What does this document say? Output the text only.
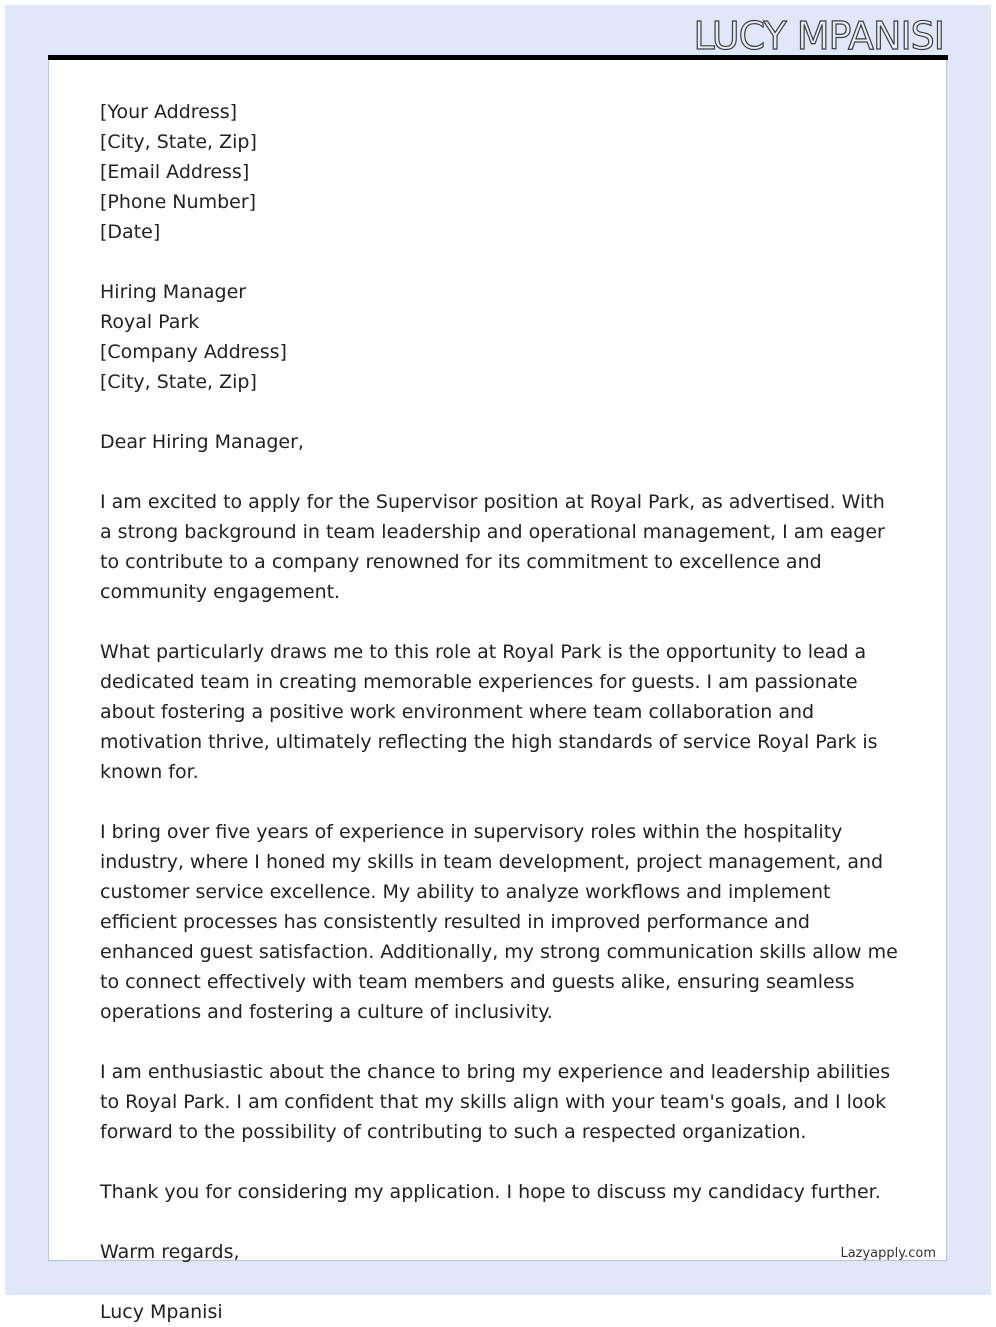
LUCY MPANISI
[Your Address]
[City, State, Zip]
[Email Address]
[Phone Number]
[Date]
Hiring Manager
Royal Park
[Company Address]
[City, State, Zip]

Dear Hiring Manager,

I am excited to apply for the Supervisor position at Royal Park, as advertised. With a strong background in team leadership and operational management, I am eager to contribute to a company renowned for its commitment to excellence and community engagement.

What particularly draws me to this role at Royal Park is the opportunity to lead a dedicated team in creating memorable experiences for guests. I am passionate about fostering a positive work environment where team collaboration and motivation thrive, ultimately reflecting the high standards of service Royal Park is known for.

I bring over five years of experience in supervisory roles within the hospitality industry, where I honed my skills in team development, project management, and customer service excellence. My ability to analyze workflows and implement efficient processes has consistently resulted in improved performance and enhanced guest satisfaction. Additionally, my strong communication skills allow me to connect effectively with team members and guests alike, ensuring seamless operations and fostering a culture of inclusivity.

I am enthusiastic about the chance to bring my experience and leadership abilities to Royal Park. I am confident that my skills align with your team's goals, and I look forward to the possibility of contributing to such a respected organization.

Thank you for considering my application. I hope to discuss my candidacy further.

Warm regards,

Lucy Mpanisi

Lazyapply.com
